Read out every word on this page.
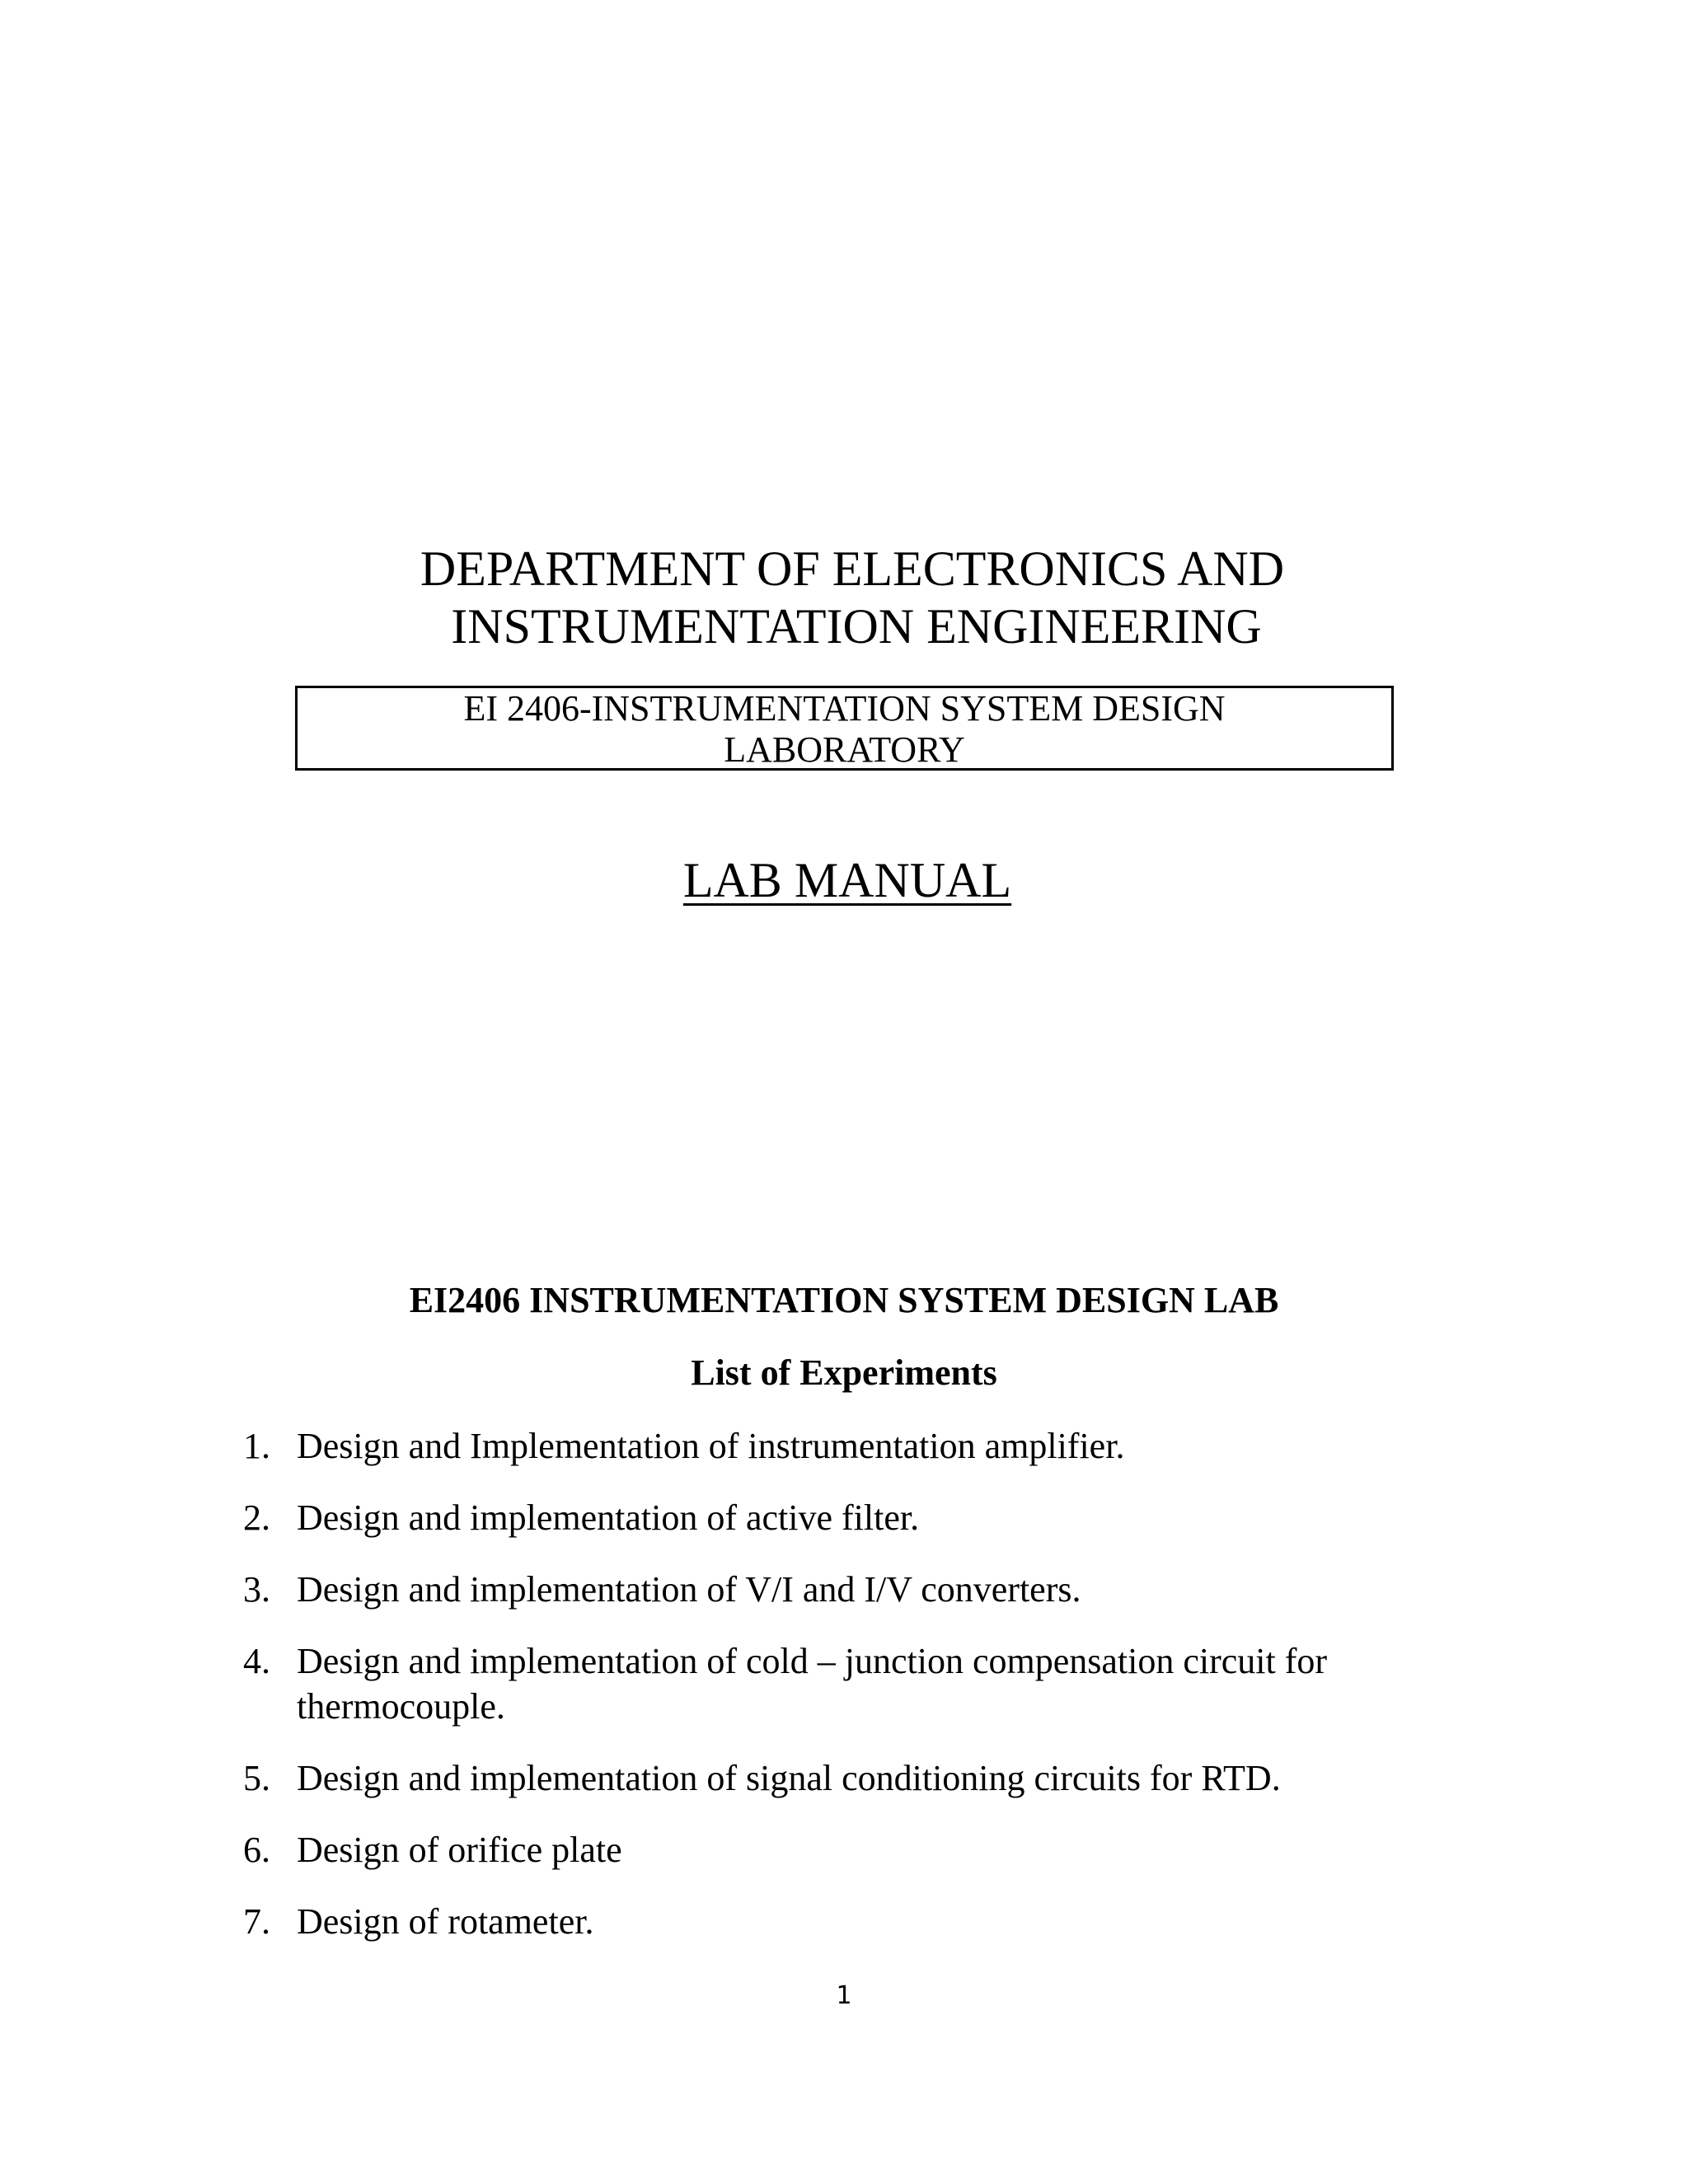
DEPARTMENT OF ELECTRONICS AND
INSTRUMENTATION ENGINEERING
EI 2406-INSTRUMENTATION SYSTEM DESIGN
LABORATORY
LAB MANUAL
EI2406 INSTRUMENTATION SYSTEM DESIGN LAB
List of Experiments
1. Design and Implementation of instrumentation amplifier.
2. Design and implementation of active filter.
3. Design and implementation of V/I and I/V converters.
4. Design and implementation of cold – junction compensation circuit for thermocouple.
5. Design and implementation of signal conditioning circuits for RTD.
6. Design of orifice plate
7. Design of rotameter.
1
